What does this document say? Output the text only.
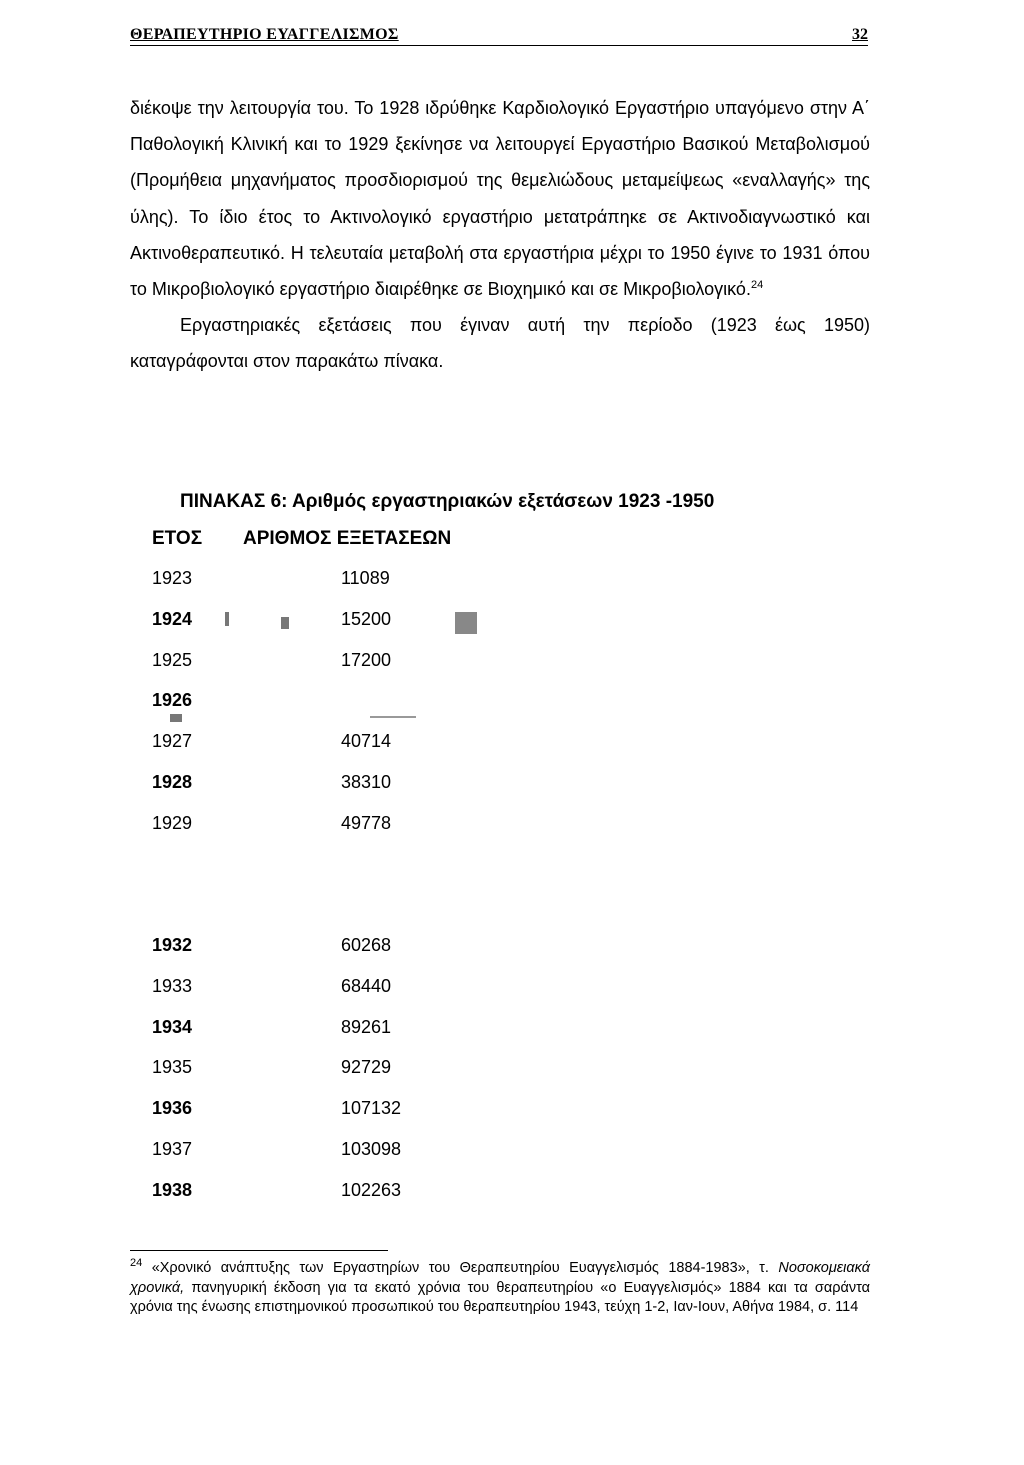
ΘΕΡΑΠΕΥΤΗΡΙΟ ΕΥΑΓΓΕΛΙΣΜΟΣ	32

διέκοψε την λειτουργία του. Το 1928 ιδρύθηκε Καρδιολογικό Εργαστήριο υπαγόμενο στην Α΄ Παθολογική Κλινική και το 1929 ξεκίνησε να λειτουργεί Εργαστήριο Βασικού Μεταβολισμού (Προμήθεια μηχανήματος προσδιορισμού της θεμελιώδους μεταμείψεως «εναλλαγής» της ύλης). Το ίδιο έτος το Ακτινολογικό εργαστήριο μετατράπηκε σε Ακτινοδιαγνωστικό και Ακτινοθεραπευτικό. Η τελευταία μεταβολή στα εργαστήρια μέχρι το 1950 έγινε το 1931 όπου το Μικροβιολογικό εργαστήριο διαιρέθηκε σε Βιοχημικό και σε Μικροβιολογικό.$^{24}$

Εργαστηριακές εξετάσεις που έγιναν αυτή την περίοδο (1923 έως 1950) καταγράφονται στον παρακάτω πίνακα.

ΠΙΝΑΚΑΣ 6: Αριθμός εργαστηριακών εξετάσεων 1923 -1950
ΕΤΟΣ ΑΡΙΘΜΟΣ ΕΞΕΤΑΣΕΩΝ
1923	11089
1924	15200
1925	17200
1926
1927	40714
1928	38310
1929	49778
1932	60268
1933	68440
1934	89261
1935	92729
1936	107132
1937	103098
1938	102263
$^{24}$ «Χρονικό ανάπτυξης των Εργαστηρίων του Θεραπευτηρίου Ευαγγελισμός 1884-1983», τ. Νοσοκομειακά χρονικά, πανηγυρική έκδοση για τα εκατό χρόνια του θεραπευτηρίου «ο Ευαγγελισμός» 1884 και τα σαράντα χρόνια της ένωσης επιστημονικού προσωπικού του θεραπευτηρίου 1943, τεύχη 1-2, Ιαν-Ιουν, Αθήνα 1984, σ. 114
